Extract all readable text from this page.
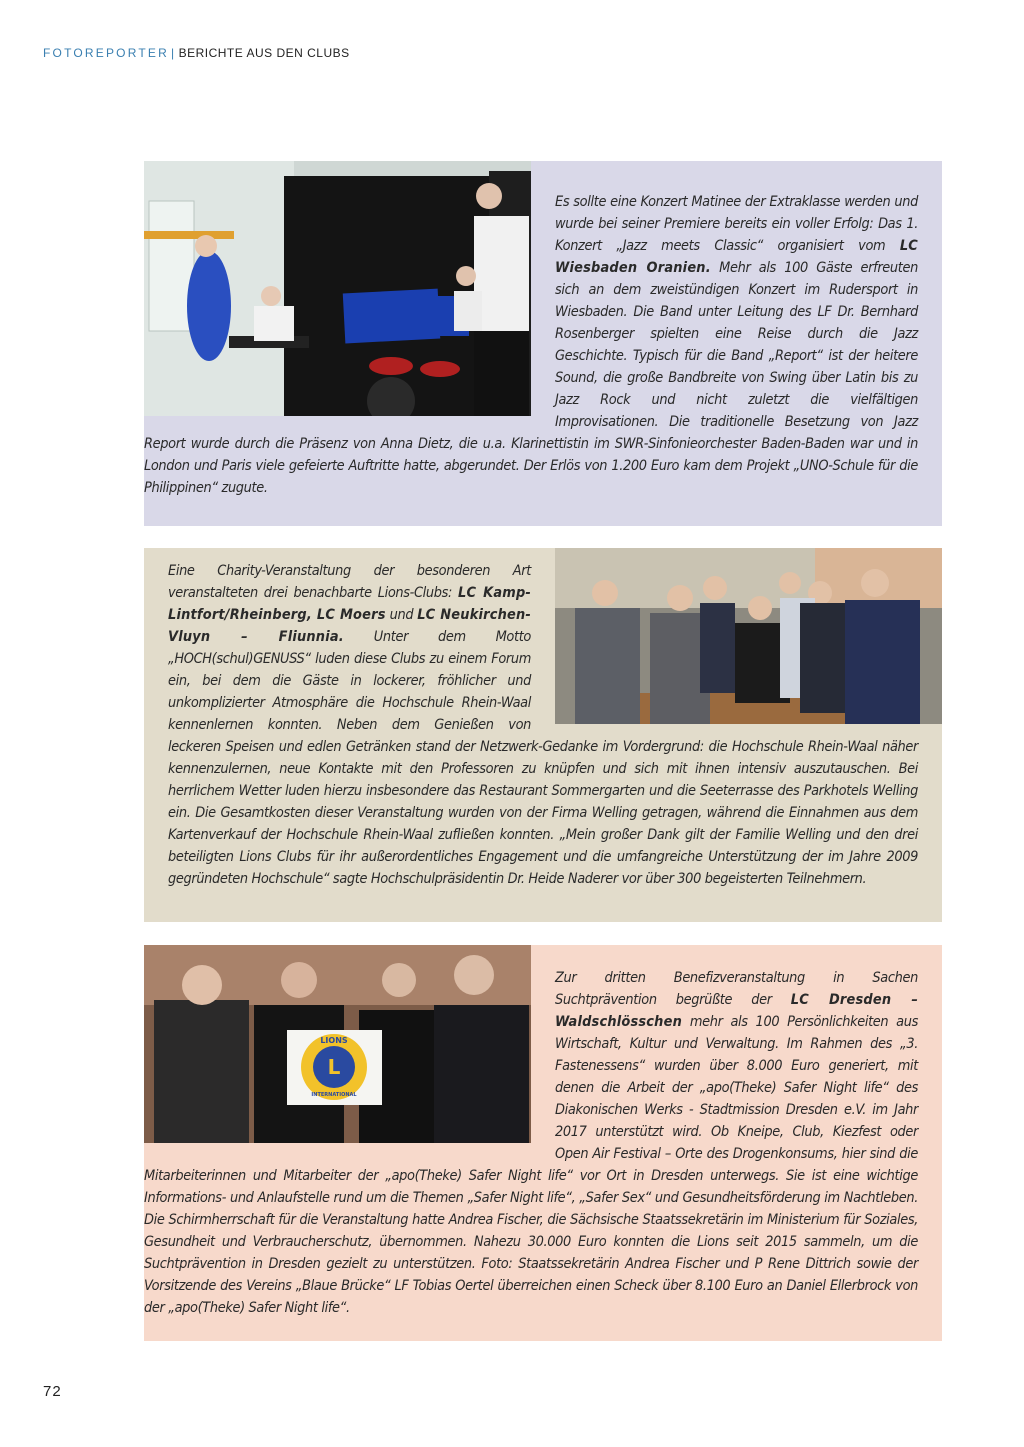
FOTOREPORTER | BERICHTE AUS DEN CLUBS
Es sollte eine Konzert Matinee der Extraklasse werden und wurde bei seiner Premiere bereits ein voller Erfolg: Das 1. Konzert „Jazz meets Classic“ organisiert vom LC Wiesbaden Oranien. Mehr als 100 Gäste erfreuten sich an dem zweistündigen Konzert im Rudersport in Wiesbaden. Die Band unter Leitung des LF Dr. Bernhard Rosenberger spielten eine Reise durch die Jazz Geschichte. Typisch für die Band „Report“ ist der heitere Sound, die große Bandbreite von Swing über Latin bis zu Jazz Rock und nicht zuletzt die vielfältigen Improvisationen. Die traditionelle Besetzung von Jazz Report wurde durch die Präsenz von Anna Dietz, die u.a. Klarinettistin im SWR-Sinfonieorchester Baden-Baden war und in London und Paris viele gefeierte Auftritte hatte, abgerundet. Der Erlös von 1.200 Euro kam dem Projekt „UNO-Schule für die Philippinen“ zugute.
Eine Charity-Veranstaltung der besonderen Art veranstalteten drei benachbarte Lions-Clubs: LC Kamp-Lintfort/Rheinberg, LC Moers und LC Neukirchen-Vluyn – Fliunnia. Unter dem Motto „HOCH(schul)GENUSS“ luden diese Clubs zu einem Forum ein, bei dem die Gäste in lockerer, fröhlicher und unkomplizierter Atmosphäre die Hochschule Rhein-Waal kennenlernen konnten. Neben dem Genießen von leckeren Speisen und edlen Getränken stand der Netzwerk-Gedanke im Vordergrund: die Hochschule Rhein-Waal näher kennenzulernen, neue Kontakte mit den Professoren zu knüpfen und sich mit ihnen intensiv auszutauschen. Bei herrlichem Wetter luden hierzu insbesondere das Restaurant Sommergarten und die Seeterrasse des Parkhotels Welling ein. Die Gesamtkosten dieser Veranstaltung wurden von der Firma Welling getragen, während die Einnahmen aus dem Kartenverkauf der Hochschule Rhein-Waal zufließen konnten. „Mein großer Dank gilt der Familie Welling und den drei beteiligten Lions Clubs für ihr außerordentliches Engagement und die umfangreiche Unterstützung der im Jahre 2009 gegründeten Hochschule“ sagte Hochschulpräsidentin Dr. Heide Naderer vor über 300 begeisterten Teilnehmern.
L
LIONS
INTERNATIONAL
Zur dritten Benefizveranstaltung in Sachen Suchtprävention begrüßte der LC Dresden – Waldschlösschen mehr als 100 Persönlichkeiten aus Wirtschaft, Kultur und Verwaltung. Im Rahmen des „3. Fastenessens“ wurden über 8.000 Euro generiert, mit denen die Arbeit der „apo(Theke) Safer Night life“ des Diakonischen Werks - Stadtmission Dresden e.V. im Jahr 2017 unterstützt wird. Ob Kneipe, Club, Kiezfest oder Open Air Festival – Orte des Drogenkonsums, hier sind die Mitarbeiterinnen und Mitarbeiter der „apo(Theke) Safer Night life“ vor Ort in Dresden unterwegs. Sie ist eine wichtige Informations- und Anlaufstelle rund um die Themen „Safer Night life“, „Safer Sex“ und Gesundheitsförderung im Nachtleben. Die Schirmherrschaft für die Veranstaltung hatte Andrea Fischer, die Sächsische Staatssekretärin im Ministerium für Soziales, Gesundheit und Verbraucherschutz, übernommen. Nahezu 30.000 Euro konnten die Lions seit 2015 sammeln, um die Suchtprävention in Dresden gezielt zu unterstützen. Foto: Staatssekretärin Andrea Fischer und P Rene Dittrich sowie der Vorsitzende des Vereins „Blaue Brücke“ LF Tobias Oertel überreichen einen Scheck über 8.100 Euro an Daniel Ellerbrock von der „apo(Theke) Safer Night life“.
72
